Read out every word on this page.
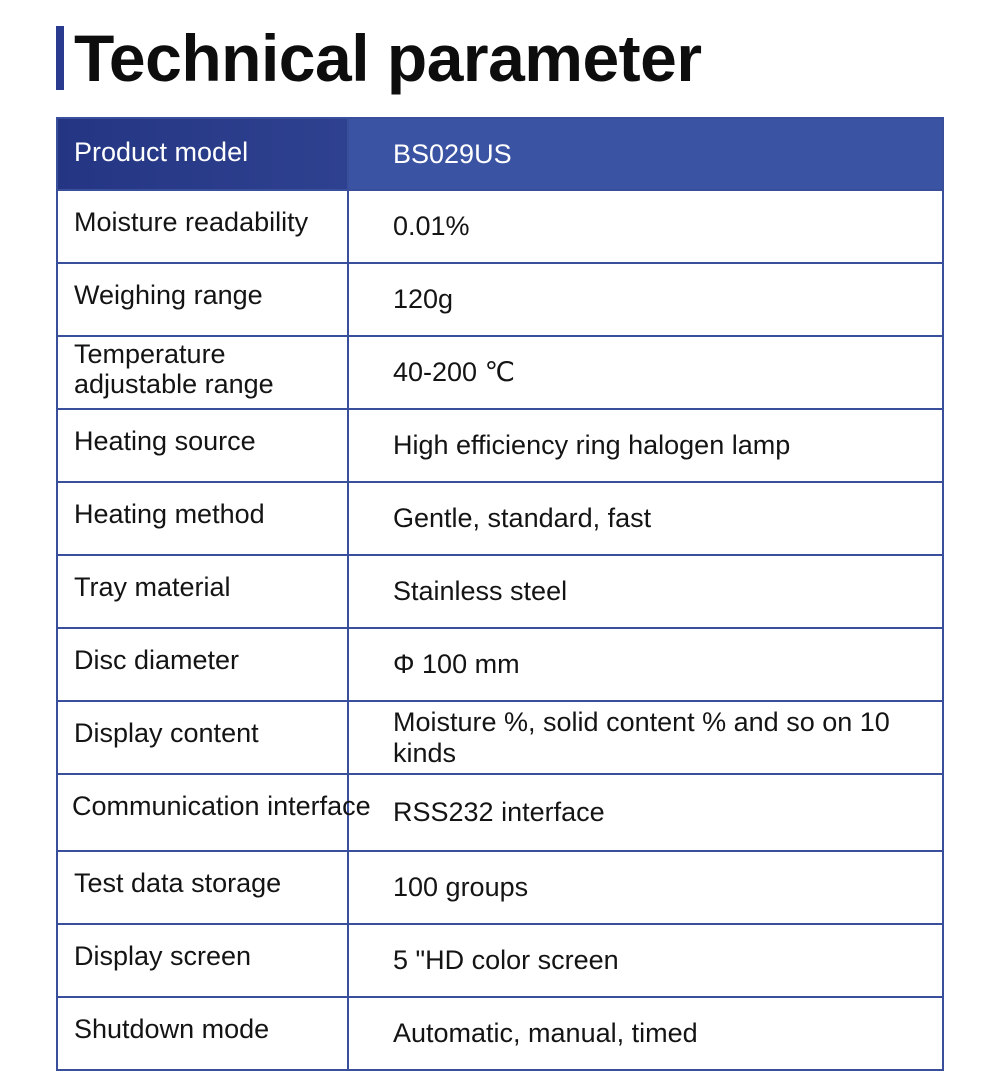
Technical parameter
Product model	BS029US
Moisture readability	0.01%
Weighing range	120g
Temperature adjustable range	40-200 ℃
Heating source	High efficiency ring halogen lamp
Heating method	Gentle, standard, fast
Tray material	Stainless steel
Disc diameter	Φ 100 mm
Display content	Moisture %, solid content % and so on 10 kinds
Communication interface	RSS232 interface
Test data storage	100 groups
Display screen	5 "HD color screen
Shutdown mode	Automatic, manual, timed
